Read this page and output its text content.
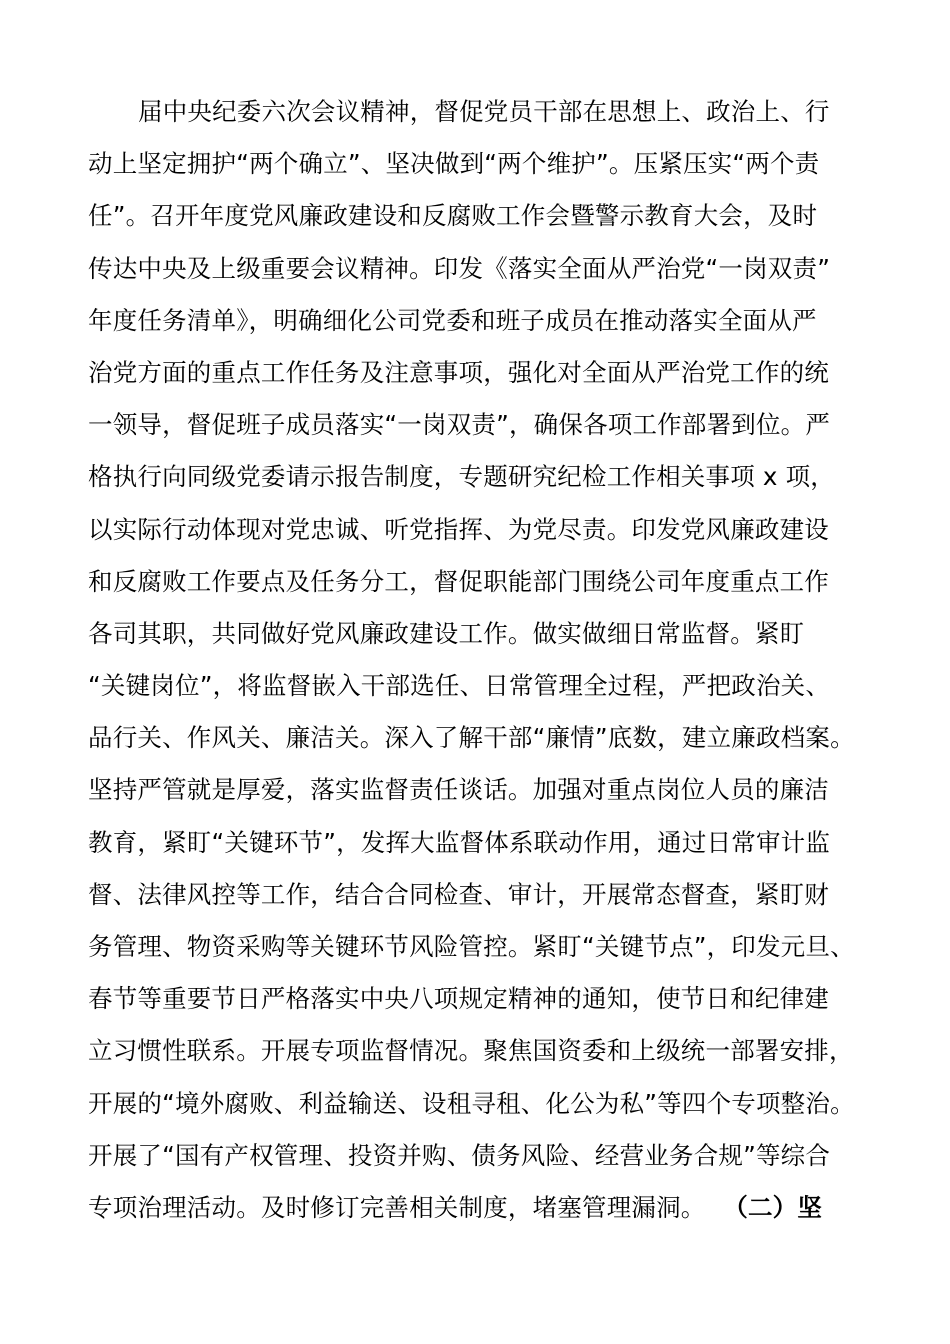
届中央纪委六次会议精神，督促党员干部在思想上、政治上、行
动上坚定拥护“两个确立”、坚决做到“两个维护”。压紧压实“两个责
任”。召开年度党风廉政建设和反腐败工作会暨警示教育大会，及时
传达中央及上级重要会议精神。印发《落实全面从严治党“一岗双责”
年度任务清单》，明确细化公司党委和班子成员在推动落实全面从严
治党方面的重点工作任务及注意事项，强化对全面从严治党工作的统
一领导，督促班子成员落实“一岗双责”，确保各项工作部署到位。严
格执行向同级党委请示报告制度，专题研究纪检工作相关事项 x 项，
以实际行动体现对党忠诚、听党指挥、为党尽责。印发党风廉政建设
和反腐败工作要点及任务分工，督促职能部门围绕公司年度重点工作
各司其职，共同做好党风廉政建设工作。做实做细日常监督。紧盯
“关键岗位”，将监督嵌入干部选任、日常管理全过程，严把政治关、
品行关、作风关、廉洁关。深入了解干部“廉情”底数，建立廉政档案。
坚持严管就是厚爱，落实监督责任谈话。加强对重点岗位人员的廉洁
教育，紧盯“关键环节”，发挥大监督体系联动作用，通过日常审计监
督、法律风控等工作，结合合同检查、审计，开展常态督查，紧盯财
务管理、物资采购等关键环节风险管控。紧盯“关键节点”，印发元旦、
春节等重要节日严格落实中央八项规定精神的通知，使节日和纪律建
立习惯性联系。开展专项监督情况。聚焦国资委和上级统一部署安排，
开展的“境外腐败、利益输送、设租寻租、化公为私”等四个专项整治。
开展了“国有产权管理、投资并购、债务风险、经营业务合规”等综合
专项治理活动。及时修订完善相关制度，堵塞管理漏洞。 （二）坚
